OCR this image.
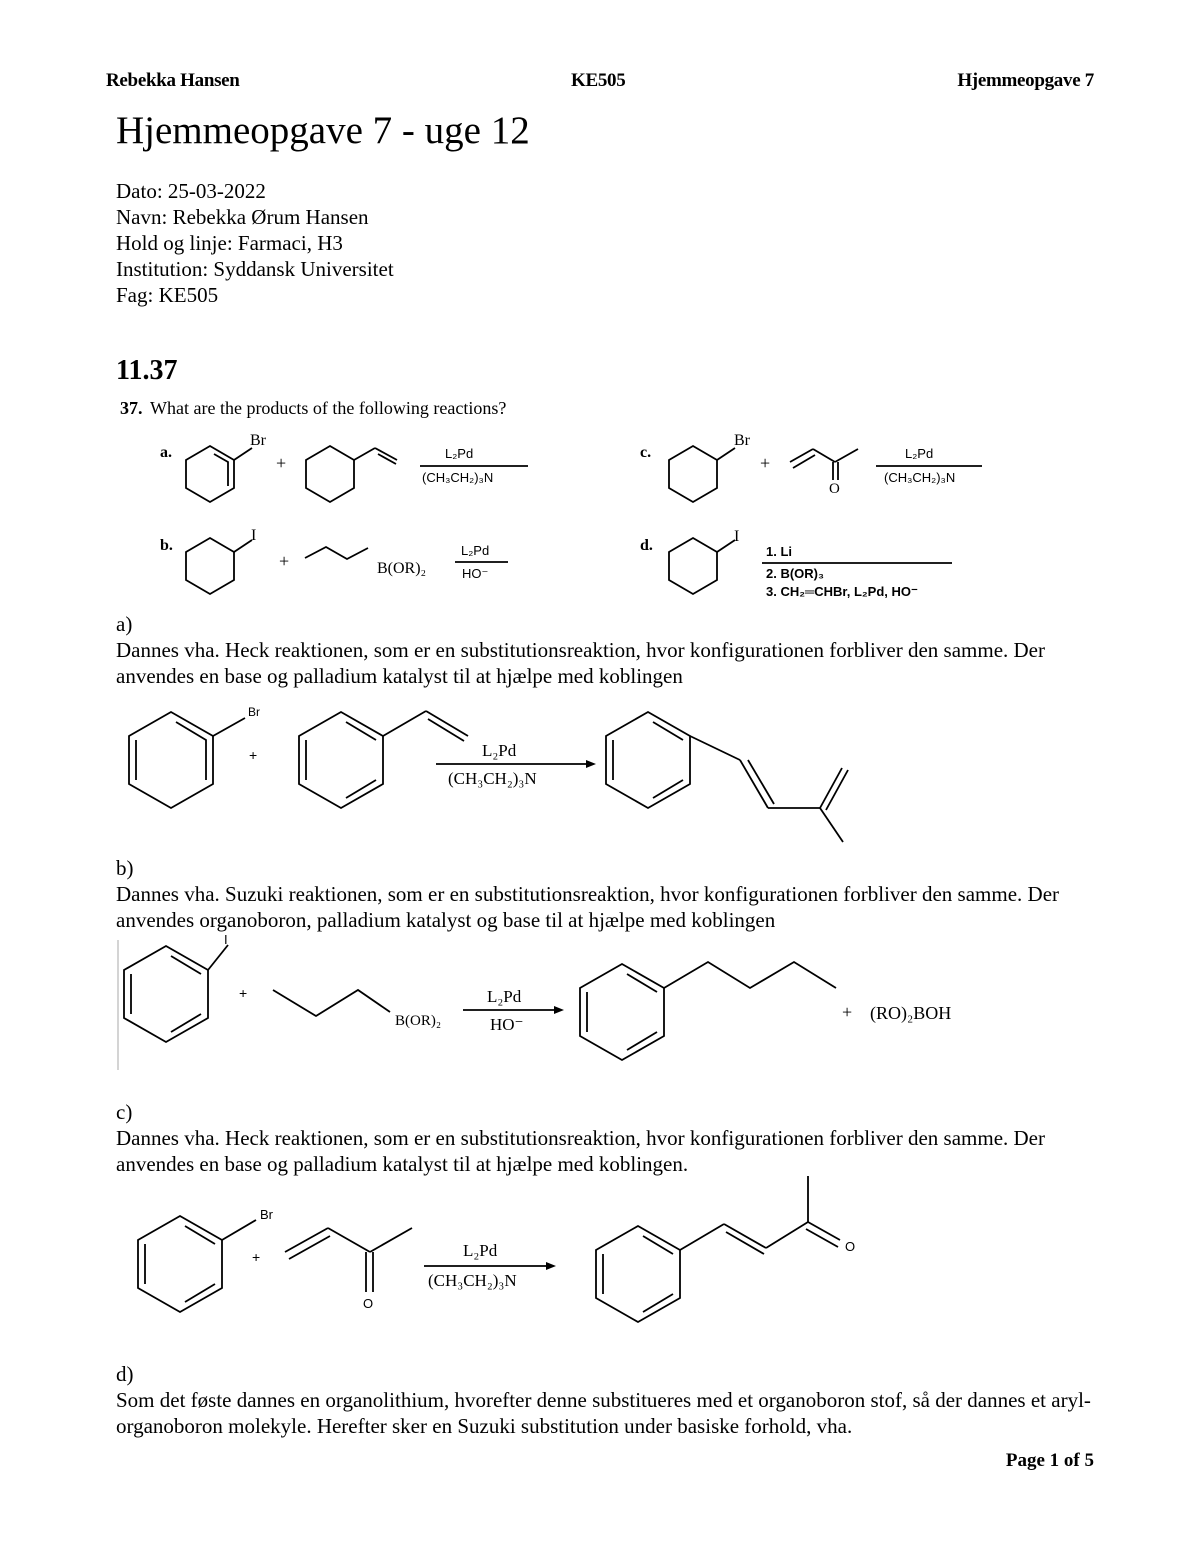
Rebekka Hansen	KE505	Hjemmeopgave 7
Hjemmeopgave 7 - uge 12
Dato: 25-03-2022
Navn: Rebekka Ørum Hansen
Hold og linje: Farmaci, H3
Institution: Syddansk Universitet
Fag: KE505
11.37
37. What are the products of the following reactions?
a.
Br
+	L₂Pd
(CH₃CH₂)₃N
c.
Br
+
O
L₂Pd
(CH₃CH₂)₃N
b.
I
+	B(OR)₂
L₂Pd
HO⁻
d.
I
1. Li
2. B(OR)₃
3. CH₂═CHBr, L₂Pd, HO⁻
a)
Dannes vha. Heck reaktionen, som er en substitutionsreaktion, hvor konfigurationen forbliver den samme. Der anvendes en base og palladium katalyst til at hjælpe med koblingen
Br
+	L₂Pd
(CH₃CH₂)₃N
b)
Dannes vha. Suzuki reaktionen, som er en substitutionsreaktion, hvor konfigurationen forbliver den samme. Der anvendes organoboron, palladium katalyst og base til at hjælpe med koblingen
I
+
B(OR)₂
L₂Pd
HO⁻
+ (RO)₂BOH
c)
Dannes vha. Heck reaktionen, som er en substitutionsreaktion, hvor konfigurationen forbliver den samme. Der anvendes en base og palladium katalyst til at hjælpe med koblingen.
Br
+
O
L₂Pd
(CH₃CH₂)₃N
O
d)
Som det føste dannes en organolithium, hvorefter denne substitueres med et organoboron stof, så der dannes et aryl-organoboron molekyle. Herefter sker en Suzuki substitution under basiske forhold, vha.
Page 1 of 5
